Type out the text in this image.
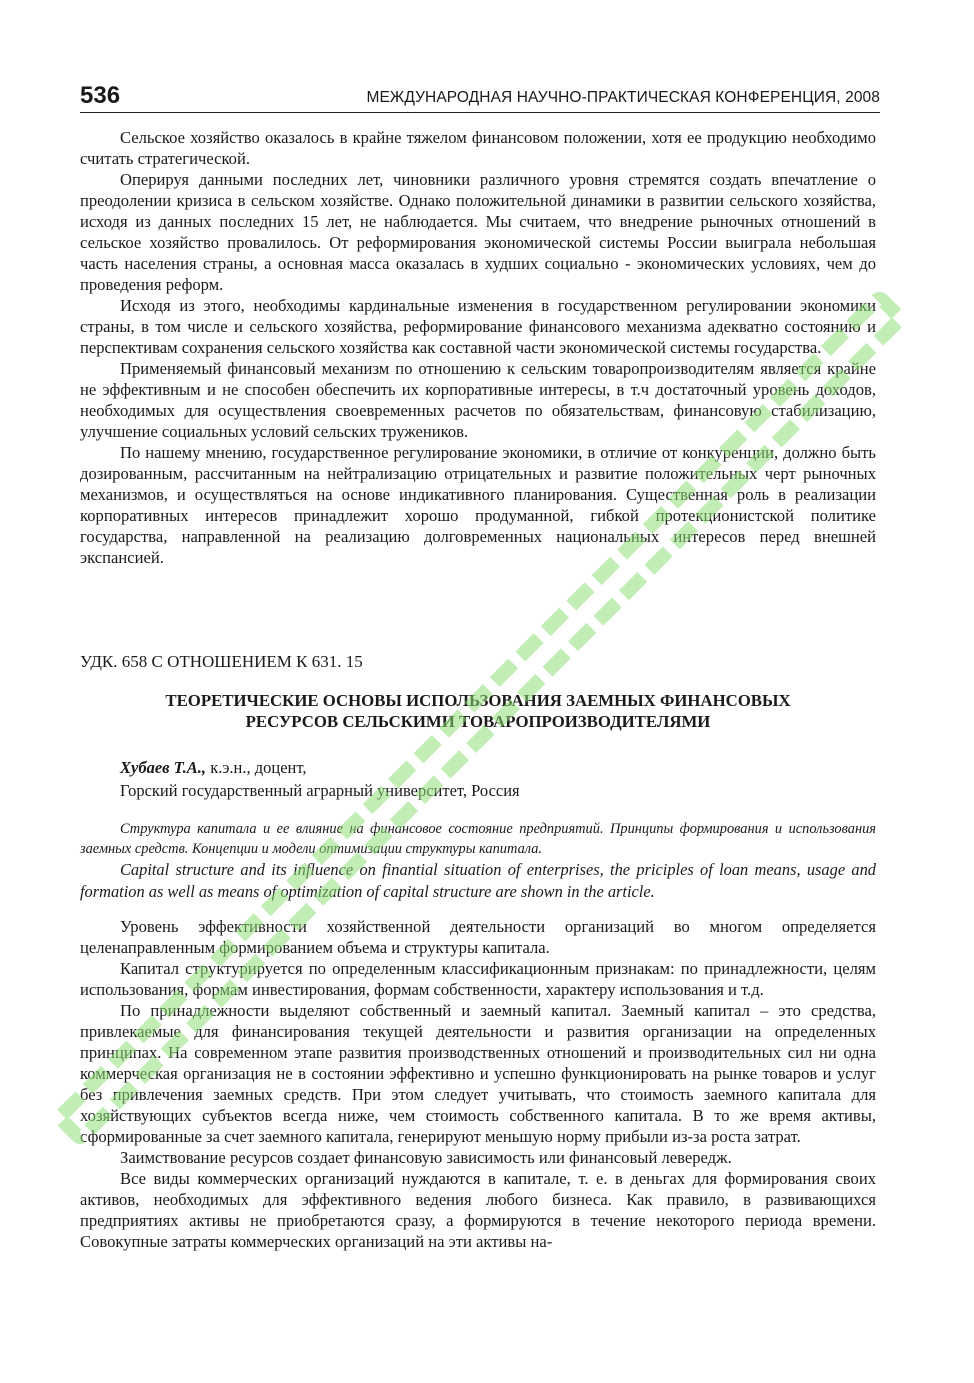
536	МЕЖДУНАРОДНАЯ НАУЧНО-ПРАКТИЧЕСКАЯ КОНФЕРЕНЦИЯ, 2008

Сельское хозяйство оказалось в крайне тяжелом финансовом положении, хотя ее продукцию необходимо считать стратегической.

Оперируя данными последних лет, чиновники различного уровня стремятся создать впечатление о преодолении кризиса в сельском хозяйстве. Однако положительной динамики в развитии сельского хозяйства, исходя из данных последних 15 лет, не наблюдается. Мы считаем, что внедрение рыночных отношений в сельское хозяйство провалилось. От реформирования экономической системы России выиграла небольшая часть населения страны, а основная масса оказалась в худших социально - экономических условиях, чем до проведения реформ.

Исходя из этого, необходимы кардинальные изменения в государственном регулировании экономики страны, в том числе и сельского хозяйства, реформирование финансового механизма адекватно состоянию и перспективам сохранения сельского хозяйства как составной части экономической системы государства.

Применяемый финансовый механизм по отношению к сельским товаропроизводителям является крайне не эффективным и не способен обеспечить их корпоративные интересы, в т.ч достаточный уровень доходов, необходимых для осуществления своевременных расчетов по обязательствам, финансовую стабилизацию, улучшение социальных условий сельских тружеников.

По нашему мнению, государственное регулирование экономики, в отличие от конкуренции, должно быть дозированным, рассчитанным на нейтрализацию отрицательных и развитие положительных черт рыночных механизмов, и осуществляться на основе индикативного планирования. Существенная роль в реализации корпоративных интересов принадлежит хорошо продуманной, гибкой протекционистской политике государства, направленной на реализацию долговременных национальных интересов перед внешней экспансией.

УДК. 658 С ОТНОШЕНИЕМ К 631. 15
ТЕОРЕТИЧЕСКИЕ ОСНОВЫ ИСПОЛЬЗОВАНИЯ ЗАЕМНЫХ ФИНАНСОВЫХ
РЕСУРСОВ СЕЛЬСКИМИ ТОВАРОПРОИЗВОДИТЕЛЯМИ
Хубаев Т.А., к.э.н., доцент,
Горский государственный аграрный университет, Россия

Структура капитала и ее влияние на финансовое состояние предприятий. Принципы формирования и использования заемных средств. Концепции и модели оптимизации структуры капитала.

Capital structure and its influence on finantial situation of enterprises, the priciples of loan means, usage and formation as well as means of optimization of capital structure are shown in the article.

Уровень эффективности хозяйственной деятельности организаций во многом определяется целенаправленным формированием объема и структуры капитала.

Капитал структурируется по определенным классификационным признакам: по принадлежности, целям использования, формам инвестирования, формам собственности, характеру использования и т.д.

По принадлежности выделяют собственный и заемный капитал. Заемный капитал – это средства, привлекаемые для финансирования текущей деятельности и развития организации на определенных принципах. На современном этапе развития производственных отношений и производительных сил ни одна коммерческая организация не в состоянии эффективно и успешно функционировать на рынке товаров и услуг без привлечения заемных средств. При этом следует учитывать, что стоимость заемного капитала для хозяйствующих субъектов всегда ниже, чем стоимость собственного капитала. В то же время активы, сформированные за счет заемного капитала, генерируют меньшую норму прибыли из-за роста затрат.

Заимствование ресурсов создает финансовую зависимость или финансовый левередж.

Все виды коммерческих организаций нуждаются в капитале, т. е. в деньгах для формирования своих активов, необходимых для эффективного ведения любого бизнеса. Как правило, в развивающихся предприятиях активы не приобретаются сразу, а формируются в течение некоторого периода времени. Совокупные затраты коммерческих организаций на эти активы на-
